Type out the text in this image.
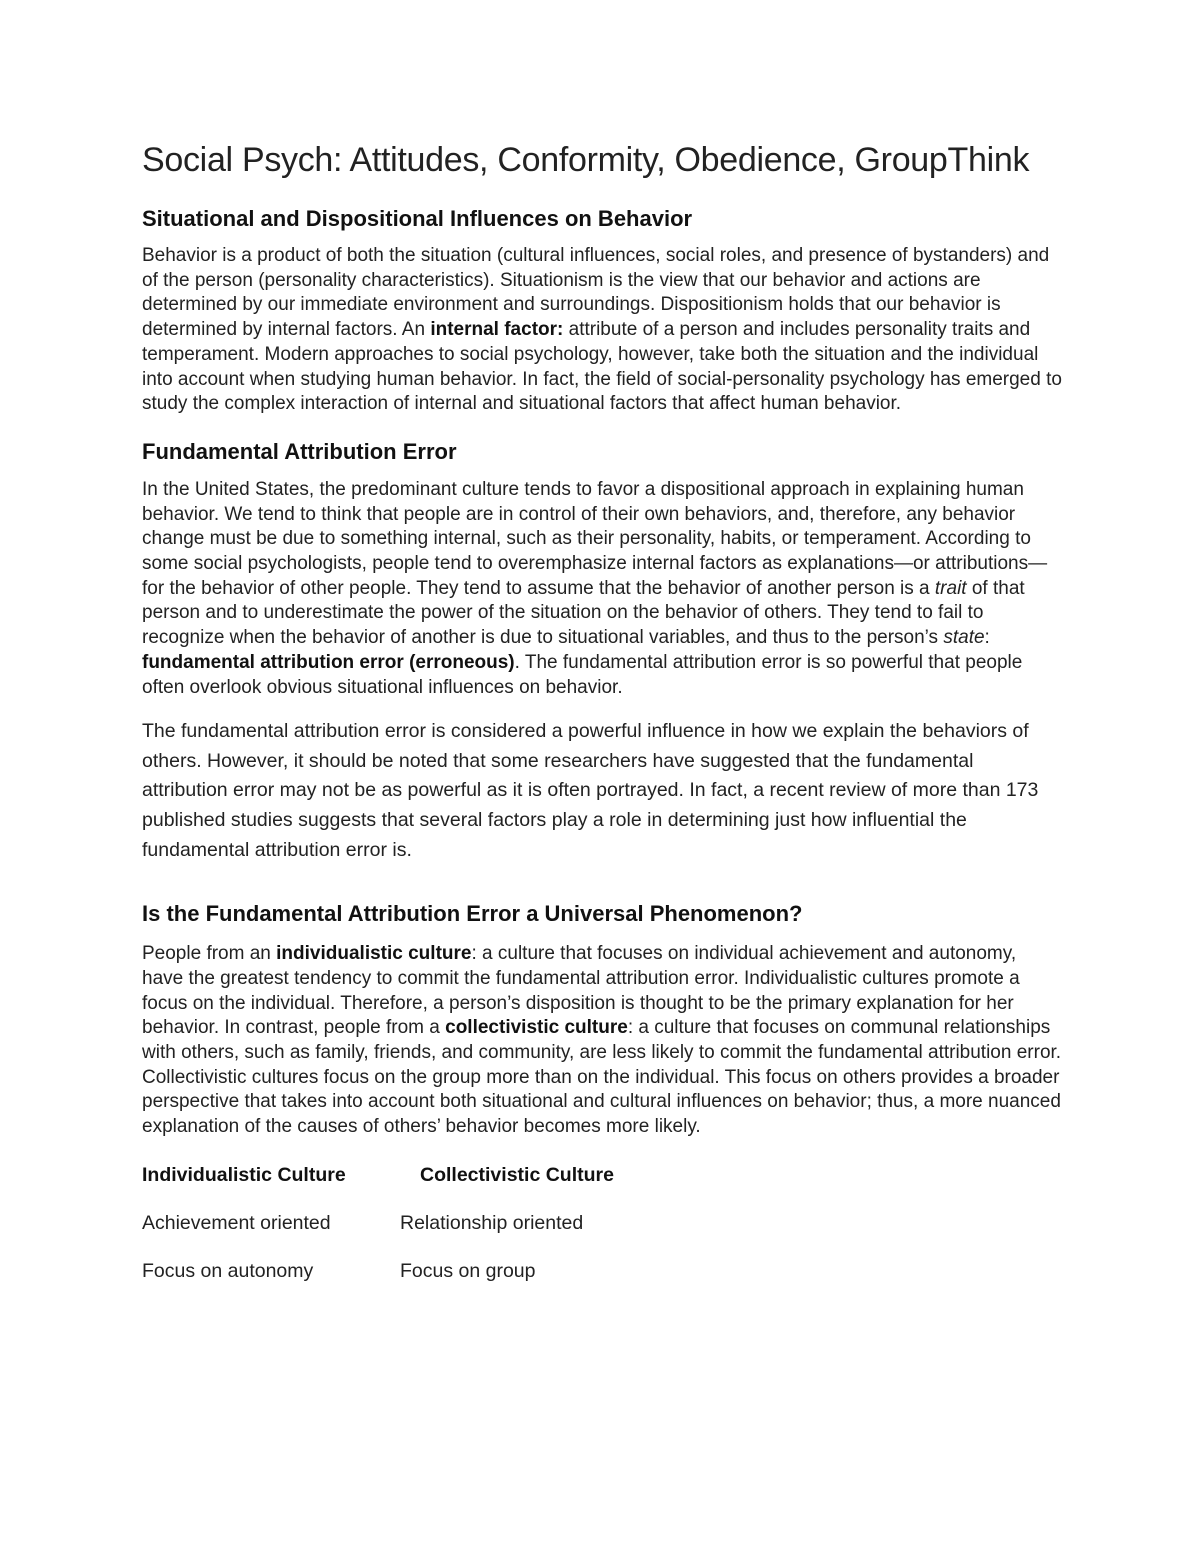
Social Psych: Attitudes, Conformity, Obedience, GroupThink
Situational and Dispositional Influences on Behavior

Behavior is a product of both the situation (cultural influences, social roles, and presence of bystanders) and of the person (personality characteristics). Situationism is the view that our behavior and actions are determined by our immediate environment and surroundings. Dispositionism holds that our behavior is determined by internal factors. An internal factor: attribute of a person and includes personality traits and temperament. Modern approaches to social psychology, however, take both the situation and the individual into account when studying human behavior. In fact, the field of social-personality psychology has emerged to study the complex interaction of internal and situational factors that affect human behavior.

Fundamental Attribution Error

In the United States, the predominant culture tends to favor a dispositional approach in explaining human behavior. We tend to think that people are in control of their own behaviors, and, therefore, any behavior change must be due to something internal, such as their personality, habits, or temperament. According to some social psychologists, people tend to overemphasize internal factors as explanations—or attributions—for the behavior of other people. They tend to assume that the behavior of another person is a trait of that person and to underestimate the power of the situation on the behavior of others. They tend to fail to recognize when the behavior of another is due to situational variables, and thus to the person’s state: fundamental attribution error (erroneous). The fundamental attribution error is so powerful that people often overlook obvious situational influences on behavior.

The fundamental attribution error is considered a powerful influence in how we explain the behaviors of others. However, it should be noted that some researchers have suggested that the fundamental attribution error may not be as powerful as it is often portrayed. In fact, a recent review of more than 173 published studies suggests that several factors play a role in determining just how influential the fundamental attribution error is.

Is the Fundamental Attribution Error a Universal Phenomenon?

People from an individualistic culture: a culture that focuses on individual achievement and autonomy, have the greatest tendency to commit the fundamental attribution error. Individualistic cultures promote a focus on the individual. Therefore, a person’s disposition is thought to be the primary explanation for her behavior. In contrast, people from a collectivistic culture: a culture that focuses on communal relationships with others, such as family, friends, and community, are less likely to commit the fundamental attribution error. Collectivistic cultures focus on the group more than on the individual. This focus on others provides a broader perspective that takes into account both situational and cultural influences on behavior; thus, a more nuanced explanation of the causes of others’ behavior becomes more likely.

Individualistic Culture	Collectivistic Culture
Achievement oriented	Relationship oriented
Focus on autonomy	Focus on group
